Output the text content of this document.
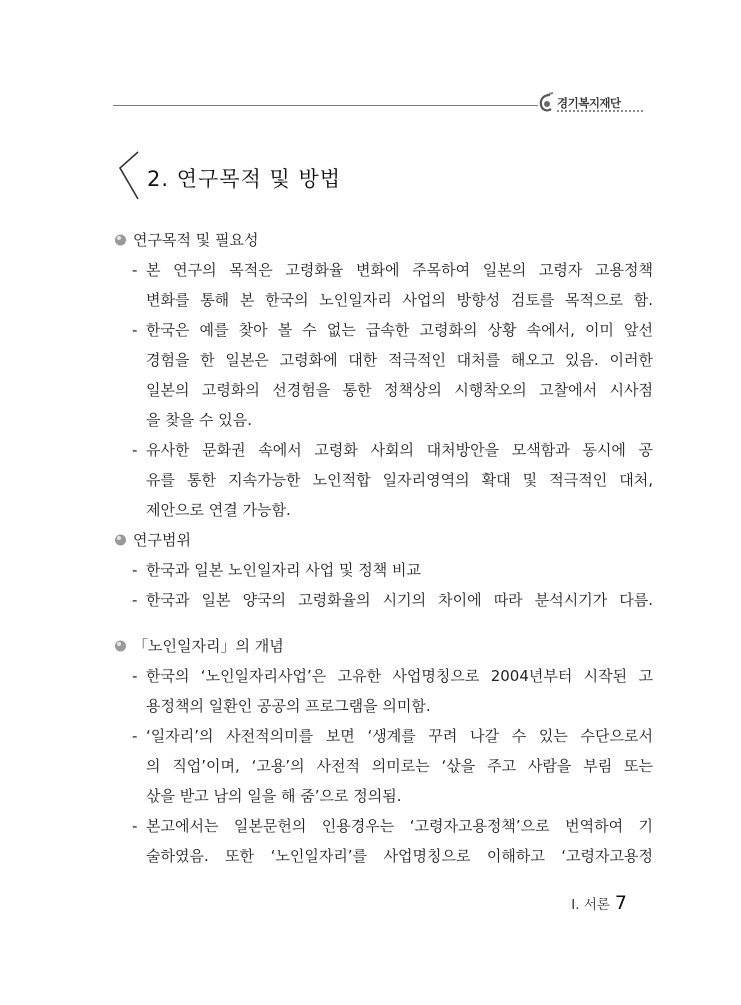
경기복지재단
2. 연구목적 및 방법
연구목적 및 필요성
- 본 연구의 목적은 고령화율 변화에 주목하여 일본의 고령자 고용정책
변화를 통해 본 한국의 노인일자리 사업의 방향성 검토를 목적으로 함.
- 한국은 예를 찾아 볼 수 없는 급속한 고령화의 상황 속에서, 이미 앞선
경험을 한 일본은 고령화에 대한 적극적인 대처를 해오고 있음. 이러한
일본의 고령화의 선경험을 통한 정책상의 시행착오의 고찰에서 시사점
을 찾을 수 있음.
- 유사한 문화권 속에서 고령화 사회의 대처방안을 모색함과 동시에 공
유를 통한 지속가능한 노인적합 일자리영역의 확대 및 적극적인 대처,
제안으로 연결 가능함.
연구범위
- 한국과 일본 노인일자리 사업 및 정책 비교
- 한국과 일본 양국의 고령화율의 시기의 차이에 따라 분석시기가 다름.
「노인일자리」의 개념
- 한국의 ‘노인일자리사업’은 고유한 사업명칭으로 2004년부터 시작된 고
용정책의 일환인 공공의 프로그램을 의미함.
- ‘일자리’의 사전적의미를 보면 ‘생계를 꾸려 나갈 수 있는 수단으로서
의 직업’이며, ‘고용’의 사전적 의미로는 ‘삯을 주고 사람을 부림 또는
삯을 받고 남의 일을 해 줌’으로 정의됨.
- 본고에서는 일본문헌의 인용경우는 ‘고령자고용정책’으로 번역하여 기
술하였음. 또한 ‘노인일자리’를 사업명칭으로 이해하고 ‘고령자고용정
Ⅰ. 서론 7
